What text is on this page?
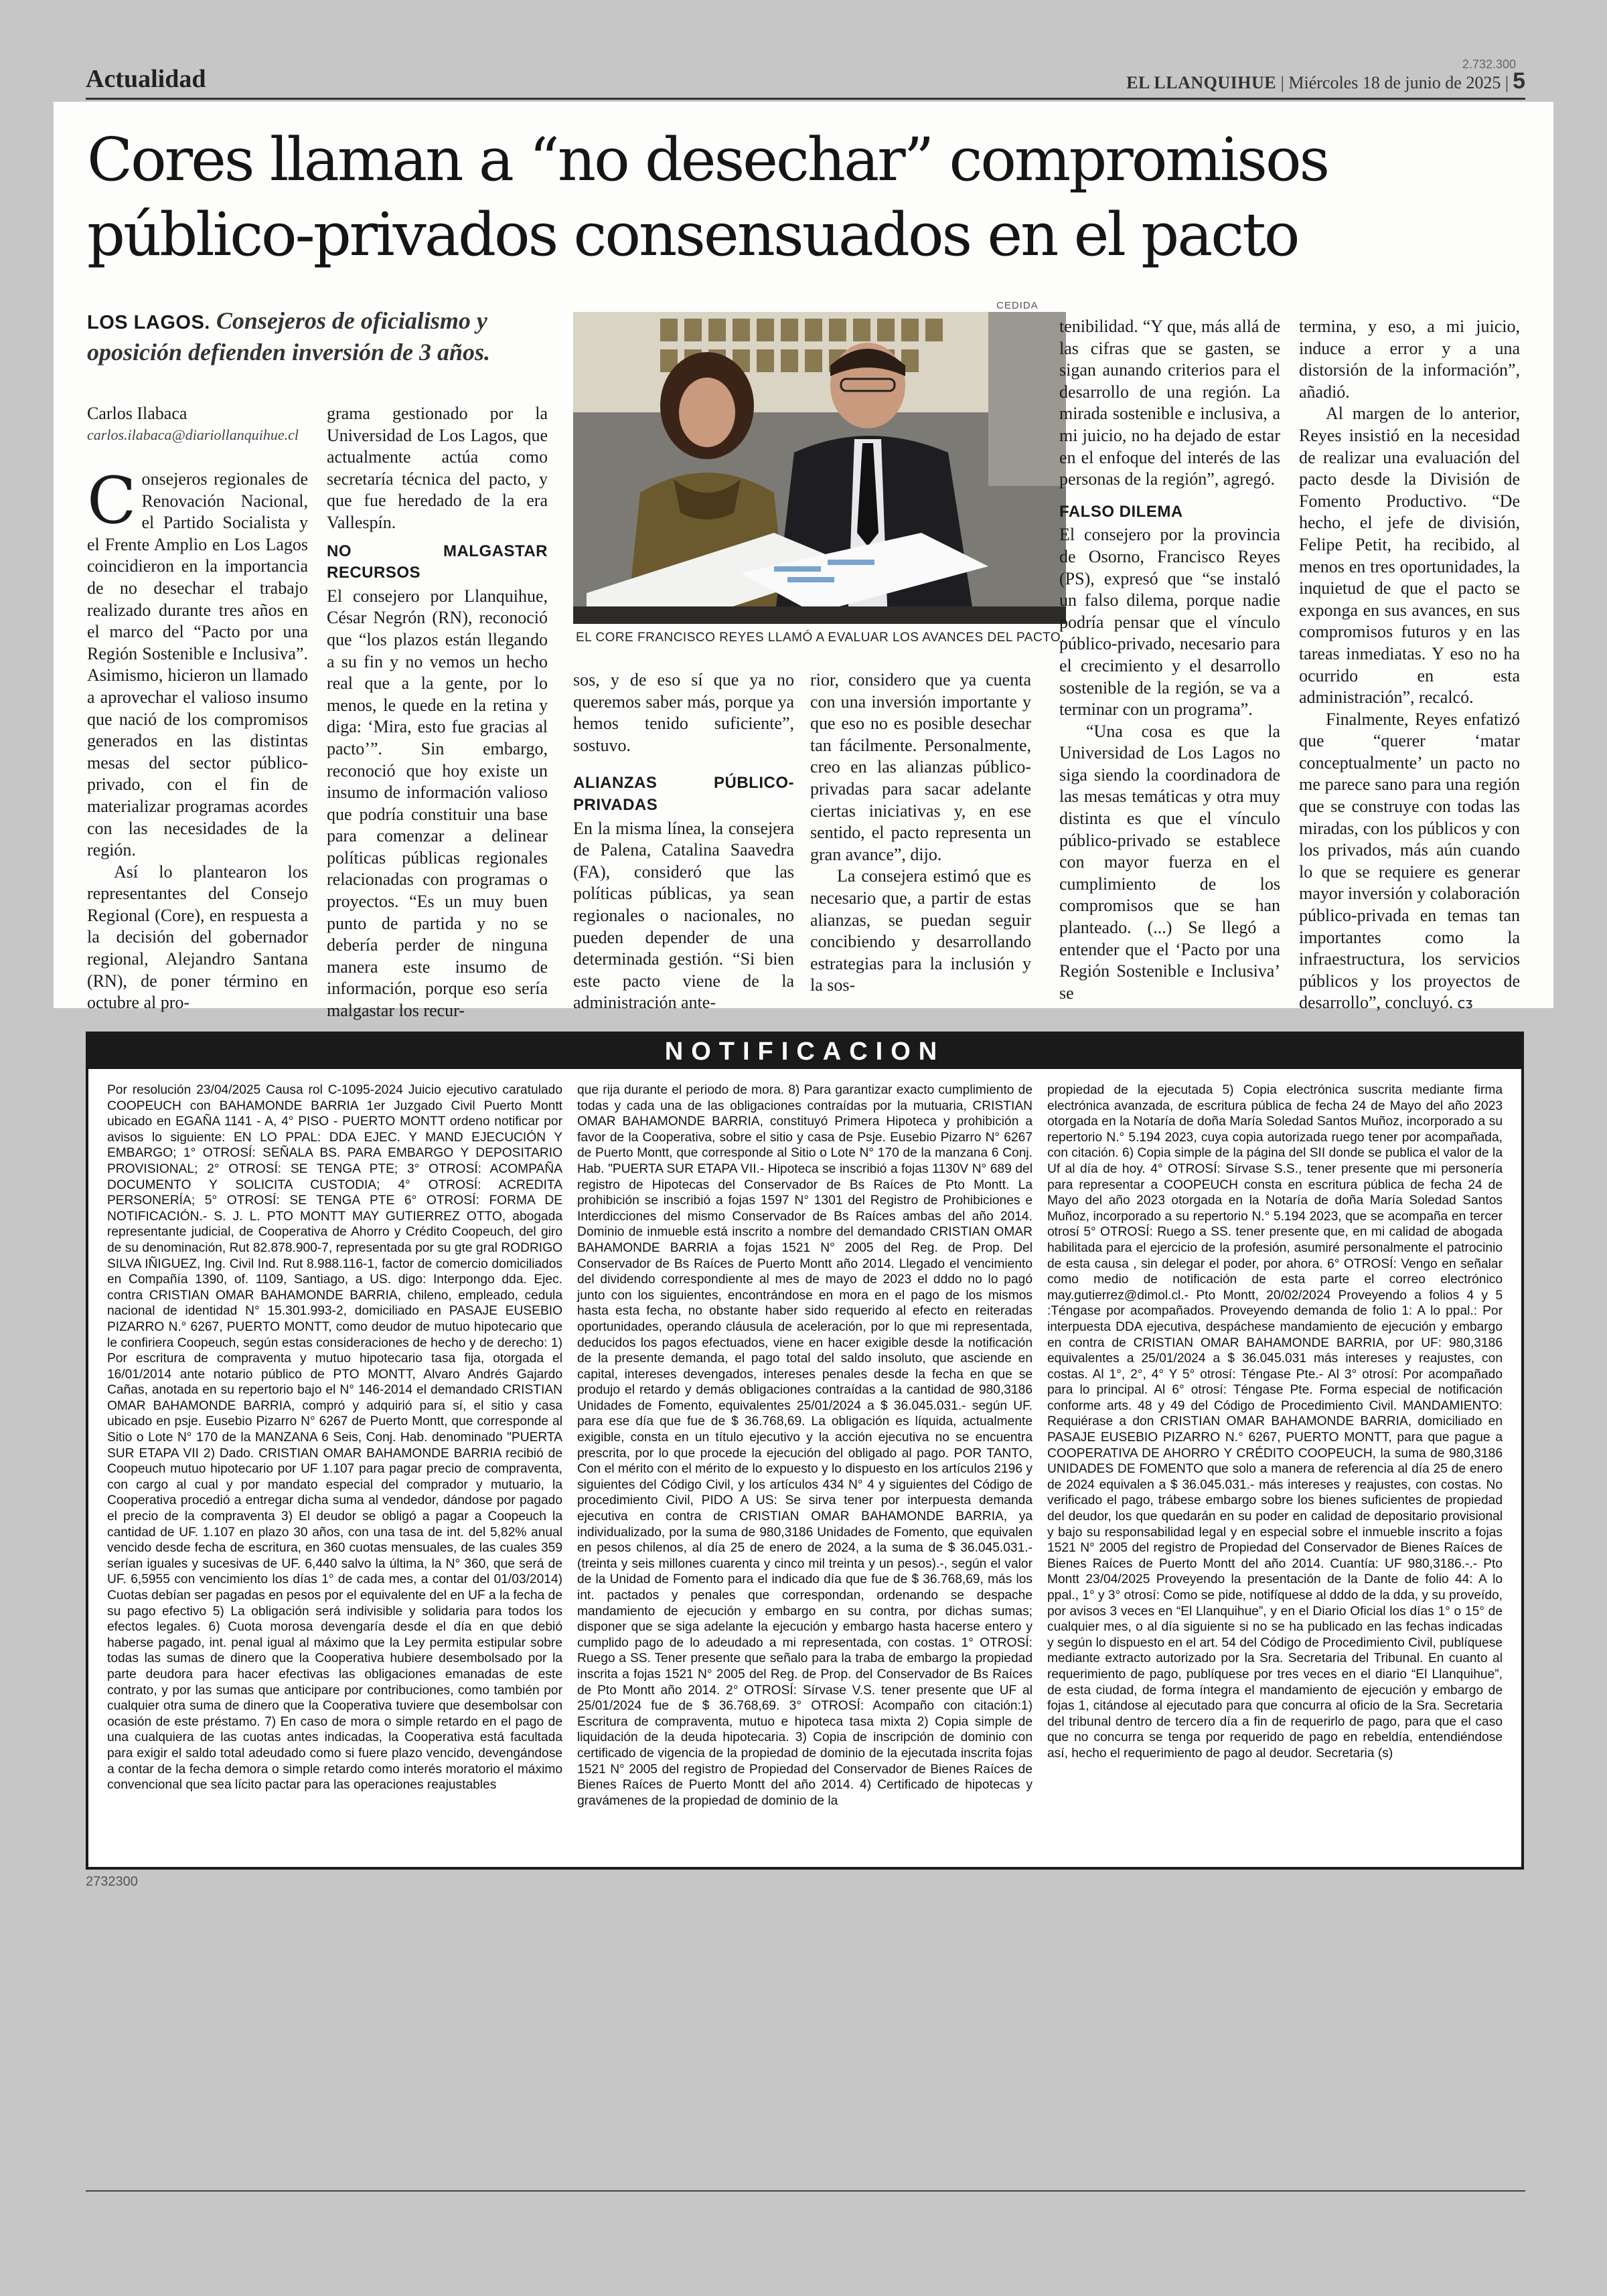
Actualidad
2.732.300
EL LLANQUIHUE | Miércoles 18 de junio de 2025 | 5
Cores llaman a “no desechar” compromisos público-privados consensuados en el pacto
LOS LAGOS. Consejeros de oficialismo y oposición defienden inversión de 3 años.
Carlos Ilabaca
carlos.ilabaca@diariollanquihue.cl

Consejeros regionales de Renovación Nacional, el Partido Socialista y el Frente Amplio en Los Lagos coincidieron en la importancia de no desechar el trabajo realizado durante tres años en el marco del “Pacto por una Región Sostenible e Inclusiva”. Asimismo, hicieron un llamado a aprovechar el valioso insumo que nació de los compromisos generados en las distintas mesas del sector público-privado, con el fin de materializar programas acordes con las necesidades de la región.

Así lo plantearon los representantes del Consejo Regional (Core), en respuesta a la decisión del gobernador regional, Alejandro Santana (RN), de poner término en octubre al pro-

grama gestionado por la Universidad de Los Lagos, que actualmente actúa como secretaría técnica del pacto, y que fue heredado de la era Vallespín.

NO MALGASTAR RECURSOS

El consejero por Llanquihue, César Negrón (RN), reconoció que “los plazos están llegando a su fin y no vemos un hecho real que a la gente, por lo menos, le quede en la retina y diga: ‘Mira, esto fue gracias al pacto’”. Sin embargo, reconoció que hoy existe un insumo de información valioso que podría constituir una base para comenzar a delinear políticas públicas regionales relacionadas con programas o proyectos. “Es un muy buen punto de partida y no se debería perder de ninguna manera este insumo de información, porque eso sería malgastar los recur-

CEDIDA
EL CORE FRANCISCO REYES LLAMÓ A EVALUAR LOS AVANCES DEL PACTO.

sos, y de eso sí que ya no queremos saber más, porque ya hemos tenido suficiente”, sostuvo.

ALIANZAS PÚBLICO-PRIVADAS

En la misma línea, la consejera de Palena, Catalina Saavedra (FA), consideró que las políticas públicas, ya sean regionales o nacionales, no pueden depender de una determinada gestión. “Si bien este pacto viene de la administración ante-

rior, considero que ya cuenta con una inversión importante y que eso no es posible desechar tan fácilmente. Personalmente, creo en las alianzas público-privadas para sacar adelante ciertas iniciativas y, en ese sentido, el pacto representa un gran avance”, dijo.

La consejera estimó que es necesario que, a partir de estas alianzas, se puedan seguir concibiendo y desarrollando estrategias para la inclusión y la sos-

tenibilidad. “Y que, más allá de las cifras que se gasten, se sigan aunando criterios para el desarrollo de una región. La mirada sostenible e inclusiva, a mi juicio, no ha dejado de estar en el enfoque del interés de las personas de la región”, agregó.

FALSO DILEMA

El consejero por la provincia de Osorno, Francisco Reyes (PS), expresó que “se instaló un falso dilema, porque nadie podría pensar que el vínculo público-privado, necesario para el crecimiento y el desarrollo sostenible de la región, se va a terminar con un programa”.

“Una cosa es que la Universidad de Los Lagos no siga siendo la coordinadora de las mesas temáticas y otra muy distinta es que el vínculo público-privado se establece con mayor fuerza en el cumplimiento de los compromisos que se han planteado. (...) Se llegó a entender que el ‘Pacto por una Región Sostenible e Inclusiva’ se

termina, y eso, a mi juicio, induce a error y a una distorsión de la información”, añadió.

Al margen de lo anterior, Reyes insistió en la necesidad de realizar una evaluación del pacto desde la División de Fomento Productivo. “De hecho, el jefe de división, Felipe Petit, ha recibido, al menos en tres oportunidades, la inquietud de que el pacto se exponga en sus avances, en sus compromisos futuros y en las tareas inmediatas. Y eso no ha ocurrido en esta administración”, recalcó.

Finalmente, Reyes enfatizó que “querer ‘matar conceptualmente’ un pacto no me parece sano para una región que se construye con todas las miradas, con los públicos y con los privados, más aún cuando lo que se requiere es generar mayor inversión y colaboración público-privada en temas tan importantes como la infraestructura, los servicios públicos y los proyectos de desarrollo”, concluyó. ᴄᴣ

NOTIFICACION

Por resolución 23/04/2025 Causa rol C-1095-2024 Juicio ejecutivo caratulado COOPEUCH con BAHAMONDE BARRIA 1er Juzgado Civil Puerto Montt ubicado en EGAÑA 1141 - A, 4° PISO - PUERTO MONTT ordeno notificar por avisos lo siguiente: EN LO PPAL: DDA EJEC. Y MAND EJECUCIÓN Y EMBARGO; 1° OTROSÍ: SEÑALA BS. PARA EMBARGO Y DEPOSITARIO PROVISIONAL; 2° OTROSÍ: SE TENGA PTE; 3° OTROSÍ: ACOMPAÑA DOCUMENTO Y SOLICITA CUSTODIA; 4° OTROSÍ: ACREDITA PERSONERÍA; 5° OTROSÍ: SE TENGA PTE 6° OTROSÍ: FORMA DE NOTIFICACIÓN.- S. J. L. PTO MONTT MAY GUTIERREZ OTTO, abogada representante judicial, de Cooperativa de Ahorro y Crédito Coopeuch, del giro de su denominación, Rut 82.878.900-7, representada por su gte gral RODRIGO SILVA IÑIGUEZ, Ing. Civil Ind. Rut 8.988.116-1, factor de comercio domiciliados en Compañía 1390, of. 1109, Santiago, a US. digo: Interpongo dda. Ejec. contra CRISTIAN OMAR BAHAMONDE BARRIA, chileno, empleado, cedula nacional de identidad N° 15.301.993-2, domiciliado en PASAJE EUSEBIO PIZARRO N.° 6267, PUERTO MONTT, como deudor de mutuo hipotecario que le confiriera Coopeuch, según estas consideraciones de hecho y de derecho: 1) Por escritura de compraventa y mutuo hipotecario tasa fija, otorgada el 16/01/2014 ante notario público de PTO MONTT, Alvaro Andrés Gajardo Cañas, anotada en su repertorio bajo el N° 146-2014 el demandado CRISTIAN OMAR BAHAMONDE BARRIA, compró y adquirió para sí, el sitio y casa ubicado en psje. Eusebio Pizarro N° 6267 de Puerto Montt, que corresponde al Sitio o Lote N° 170 de la MANZANA 6 Seis, Conj. Hab. denominado "PUERTA SUR ETAPA VII 2) Dado. CRISTIAN OMAR BAHAMONDE BARRIA recibió de Coopeuch mutuo hipotecario por UF 1.107 para pagar precio de compraventa, con cargo al cual y por mandato especial del comprador y mutuario, la Cooperativa procedió a entregar dicha suma al vendedor, dándose por pagado el precio de la compraventa 3) El deudor se obligó a pagar a Coopeuch la cantidad de UF. 1.107 en plazo 30 años, con una tasa de int. del 5,82% anual vencido desde fecha de escritura, en 360 cuotas mensuales, de las cuales 359 serían iguales y sucesivas de UF. 6,440 salvo la última, la N° 360, que será de UF. 6,5955 con vencimiento los días 1° de cada mes, a contar del 01/03/2014) Cuotas debían ser pagadas en pesos por el equivalente del en UF a la fecha de su pago efectivo 5) La obligación será indivisible y solidaria para todos los efectos legales. 6) Cuota morosa devengaría desde el día en que debió haberse pagado, int. penal igual al máximo que la Ley permita estipular sobre todas las sumas de dinero que la Cooperativa hubiere desembolsado por la parte deudora para hacer efectivas las obligaciones emanadas de este contrato, y por las sumas que anticipare por contribuciones, como también por cualquier otra suma de dinero que la Cooperativa tuviere que desembolsar con ocasión de este préstamo. 7) En caso de mora o simple retardo en el pago de una cualquiera de las cuotas antes indicadas, la Cooperativa está facultada para exigir el saldo total adeudado como si fuere plazo vencido, devengándose a contar de la fecha demora o simple retardo como interés moratorio el máximo convencional que sea lícito pactar para las operaciones reajustables

que rija durante el periodo de mora. 8) Para garantizar exacto cumplimiento de todas y cada una de las obligaciones contraídas por la mutuaria, CRISTIAN OMAR BAHAMONDE BARRIA, constituyó Primera Hipoteca y prohibición a favor de la Cooperativa, sobre el sitio y casa de Psje. Eusebio Pizarro N° 6267 de Puerto Montt, que corresponde al Sitio o Lote N° 170 de la manzana 6 Conj. Hab. "PUERTA SUR ETAPA VII.- Hipoteca se inscribió a fojas 1130V N° 689 del registro de Hipotecas del Conservador de Bs Raíces de Pto Montt. La prohibición se inscribió a fojas 1597 N° 1301 del Registro de Prohibiciones e Interdicciones del mismo Conservador de Bs Raíces ambas del año 2014. Dominio de inmueble está inscrito a nombre del demandado CRISTIAN OMAR BAHAMONDE BARRIA a fojas 1521 N° 2005 del Reg. de Prop. Del Conservador de Bs Raíces de Puerto Montt año 2014. Llegado el vencimiento del dividendo correspondiente al mes de mayo de 2023 el dddo no lo pagó junto con los siguientes, encontrándose en mora en el pago de los mismos hasta esta fecha, no obstante haber sido requerido al efecto en reiteradas oportunidades, operando cláusula de aceleración, por lo que mi representada, deducidos los pagos efectuados, viene en hacer exigible desde la notificación de la presente demanda, el pago total del saldo insoluto, que asciende en capital, intereses devengados, intereses penales desde la fecha en que se produjo el retardo y demás obligaciones contraídas a la cantidad de 980,3186 Unidades de Fomento, equivalentes 25/01/2024 a $ 36.045.031.- según UF. para ese día que fue de $ 36.768,69. La obligación es líquida, actualmente exigible, consta en un título ejecutivo y la acción ejecutiva no se encuentra prescrita, por lo que procede la ejecución del obligado al pago. POR TANTO, Con el mérito con el mérito de lo expuesto y lo dispuesto en los artículos 2196 y siguientes del Código Civil, y los artículos 434 N° 4 y siguientes del Código de procedimiento Civil, PIDO A US: Se sirva tener por interpuesta demanda ejecutiva en contra de CRISTIAN OMAR BAHAMONDE BARRIA, ya individualizado, por la suma de 980,3186 Unidades de Fomento, que equivalen en pesos chilenos, al día 25 de enero de 2024, a la suma de $ 36.045.031.- (treinta y seis millones cuarenta y cinco mil treinta y un pesos).-, según el valor de la Unidad de Fomento para el indicado día que fue de $ 36.768,69, más los int. pactados y penales que correspondan, ordenando se despache mandamiento de ejecución y embargo en su contra, por dichas sumas; disponer que se siga adelante la ejecución y embargo hasta hacerse entero y cumplido pago de lo adeudado a mi representada, con costas. 1° OTROSÍ: Ruego a SS. Tener presente que señalo para la traba de embargo la propiedad inscrita a fojas 1521 N° 2005 del Reg. de Prop. del Conservador de Bs Raíces de Pto Montt año 2014. 2° OTROSÍ: Sírvase V.S. tener presente que UF al 25/01/2024 fue de $ 36.768,69. 3° OTROSÍ: Acompaño con citación:1) Escritura de compraventa, mutuo e hipoteca tasa mixta 2) Copia simple de liquidación de la deuda hipotecaria. 3) Copia de inscripción de dominio con certificado de vigencia de la propiedad de dominio de la ejecutada inscrita fojas 1521 N° 2005 del registro de Propiedad del Conservador de Bienes Raíces de Bienes Raíces de Puerto Montt del año 2014. 4) Certificado de hipotecas y gravámenes de la propiedad de dominio de la

propiedad de la ejecutada 5) Copia electrónica suscrita mediante firma electrónica avanzada, de escritura pública de fecha 24 de Mayo del año 2023 otorgada en la Notaría de doña María Soledad Santos Muñoz, incorporado a su repertorio N.° 5.194 2023, cuya copia autorizada ruego tener por acompañada, con citación. 6) Copia simple de la página del SII donde se publica el valor de la Uf al día de hoy. 4° OTROSÍ: Sírvase S.S., tener presente que mi personería para representar a COOPEUCH consta en escritura pública de fecha 24 de Mayo del año 2023 otorgada en la Notaría de doña María Soledad Santos Muñoz, incorporado a su repertorio N.° 5.194 2023, que se acompaña en tercer otrosí 5° OTROSÍ: Ruego a SS. tener presente que, en mi calidad de abogada habilitada para el ejercicio de la profesión, asumiré personalmente el patrocinio de esta causa , sin delegar el poder, por ahora. 6° OTROSÍ: Vengo en señalar como medio de notificación de esta parte el correo electrónico may.gutierrez@dimol.cl.- Pto Montt, 20/02/2024 Proveyendo a folios 4 y 5 :Téngase por acompañados. Proveyendo demanda de folio 1: A lo ppal.: Por interpuesta DDA ejecutiva, despáchese mandamiento de ejecución y embargo en contra de CRISTIAN OMAR BAHAMONDE BARRIA, por UF: 980,3186 equivalentes a 25/01/2024 a $ 36.045.031 más intereses y reajustes, con costas. Al 1°, 2°, 4° Y 5° otrosí: Téngase Pte.- Al 3° otrosí: Por acompañado para lo principal. Al 6° otrosí: Téngase Pte. Forma especial de notificación conforme arts. 48 y 49 del Código de Procedimiento Civil. MANDAMIENTO: Requiérase a don CRISTIAN OMAR BAHAMONDE BARRIA, domiciliado en PASAJE EUSEBIO PIZARRO N.° 6267, PUERTO MONTT, para que pague a COOPERATIVA DE AHORRO Y CRÉDITO COOPEUCH, la suma de 980,3186 UNIDADES DE FOMENTO que solo a manera de referencia al día 25 de enero de 2024 equivalen a $ 36.045.031.- más intereses y reajustes, con costas. No verificado el pago, trábese embargo sobre los bienes suficientes de propiedad del deudor, los que quedarán en su poder en calidad de depositario provisional y bajo su responsabilidad legal y en especial sobre el inmueble inscrito a fojas 1521 N° 2005 del registro de Propiedad del Conservador de Bienes Raíces de Bienes Raíces de Puerto Montt del año 2014. Cuantía: UF 980,3186.-.- Pto Montt 23/04/2025 Proveyendo la presentación de la Dante de folio 44: A lo ppal., 1° y 3° otrosí: Como se pide, notifíquese al dddo de la dda, y su proveído, por avisos 3 veces en “El Llanquihue”, y en el Diario Oficial los días 1° o 15° de cualquier mes, o al día siguiente si no se ha publicado en las fechas indicadas y según lo dispuesto en el art. 54 del Código de Procedimiento Civil, publíquese mediante extracto autorizado por la Sra. Secretaria del Tribunal. En cuanto al requerimiento de pago, publíquese por tres veces en el diario “El Llanquihue”, de esta ciudad, de forma íntegra el mandamiento de ejecución y embargo de fojas 1, citándose al ejecutado para que concurra al oficio de la Sra. Secretaria del tribunal dentro de tercero día a fin de requerirlo de pago, para que el caso que no concurra se tenga por requerido de pago en rebeldía, entendiéndose así, hecho el requerimiento de pago al deudor. Secretaria (s)

2732300
